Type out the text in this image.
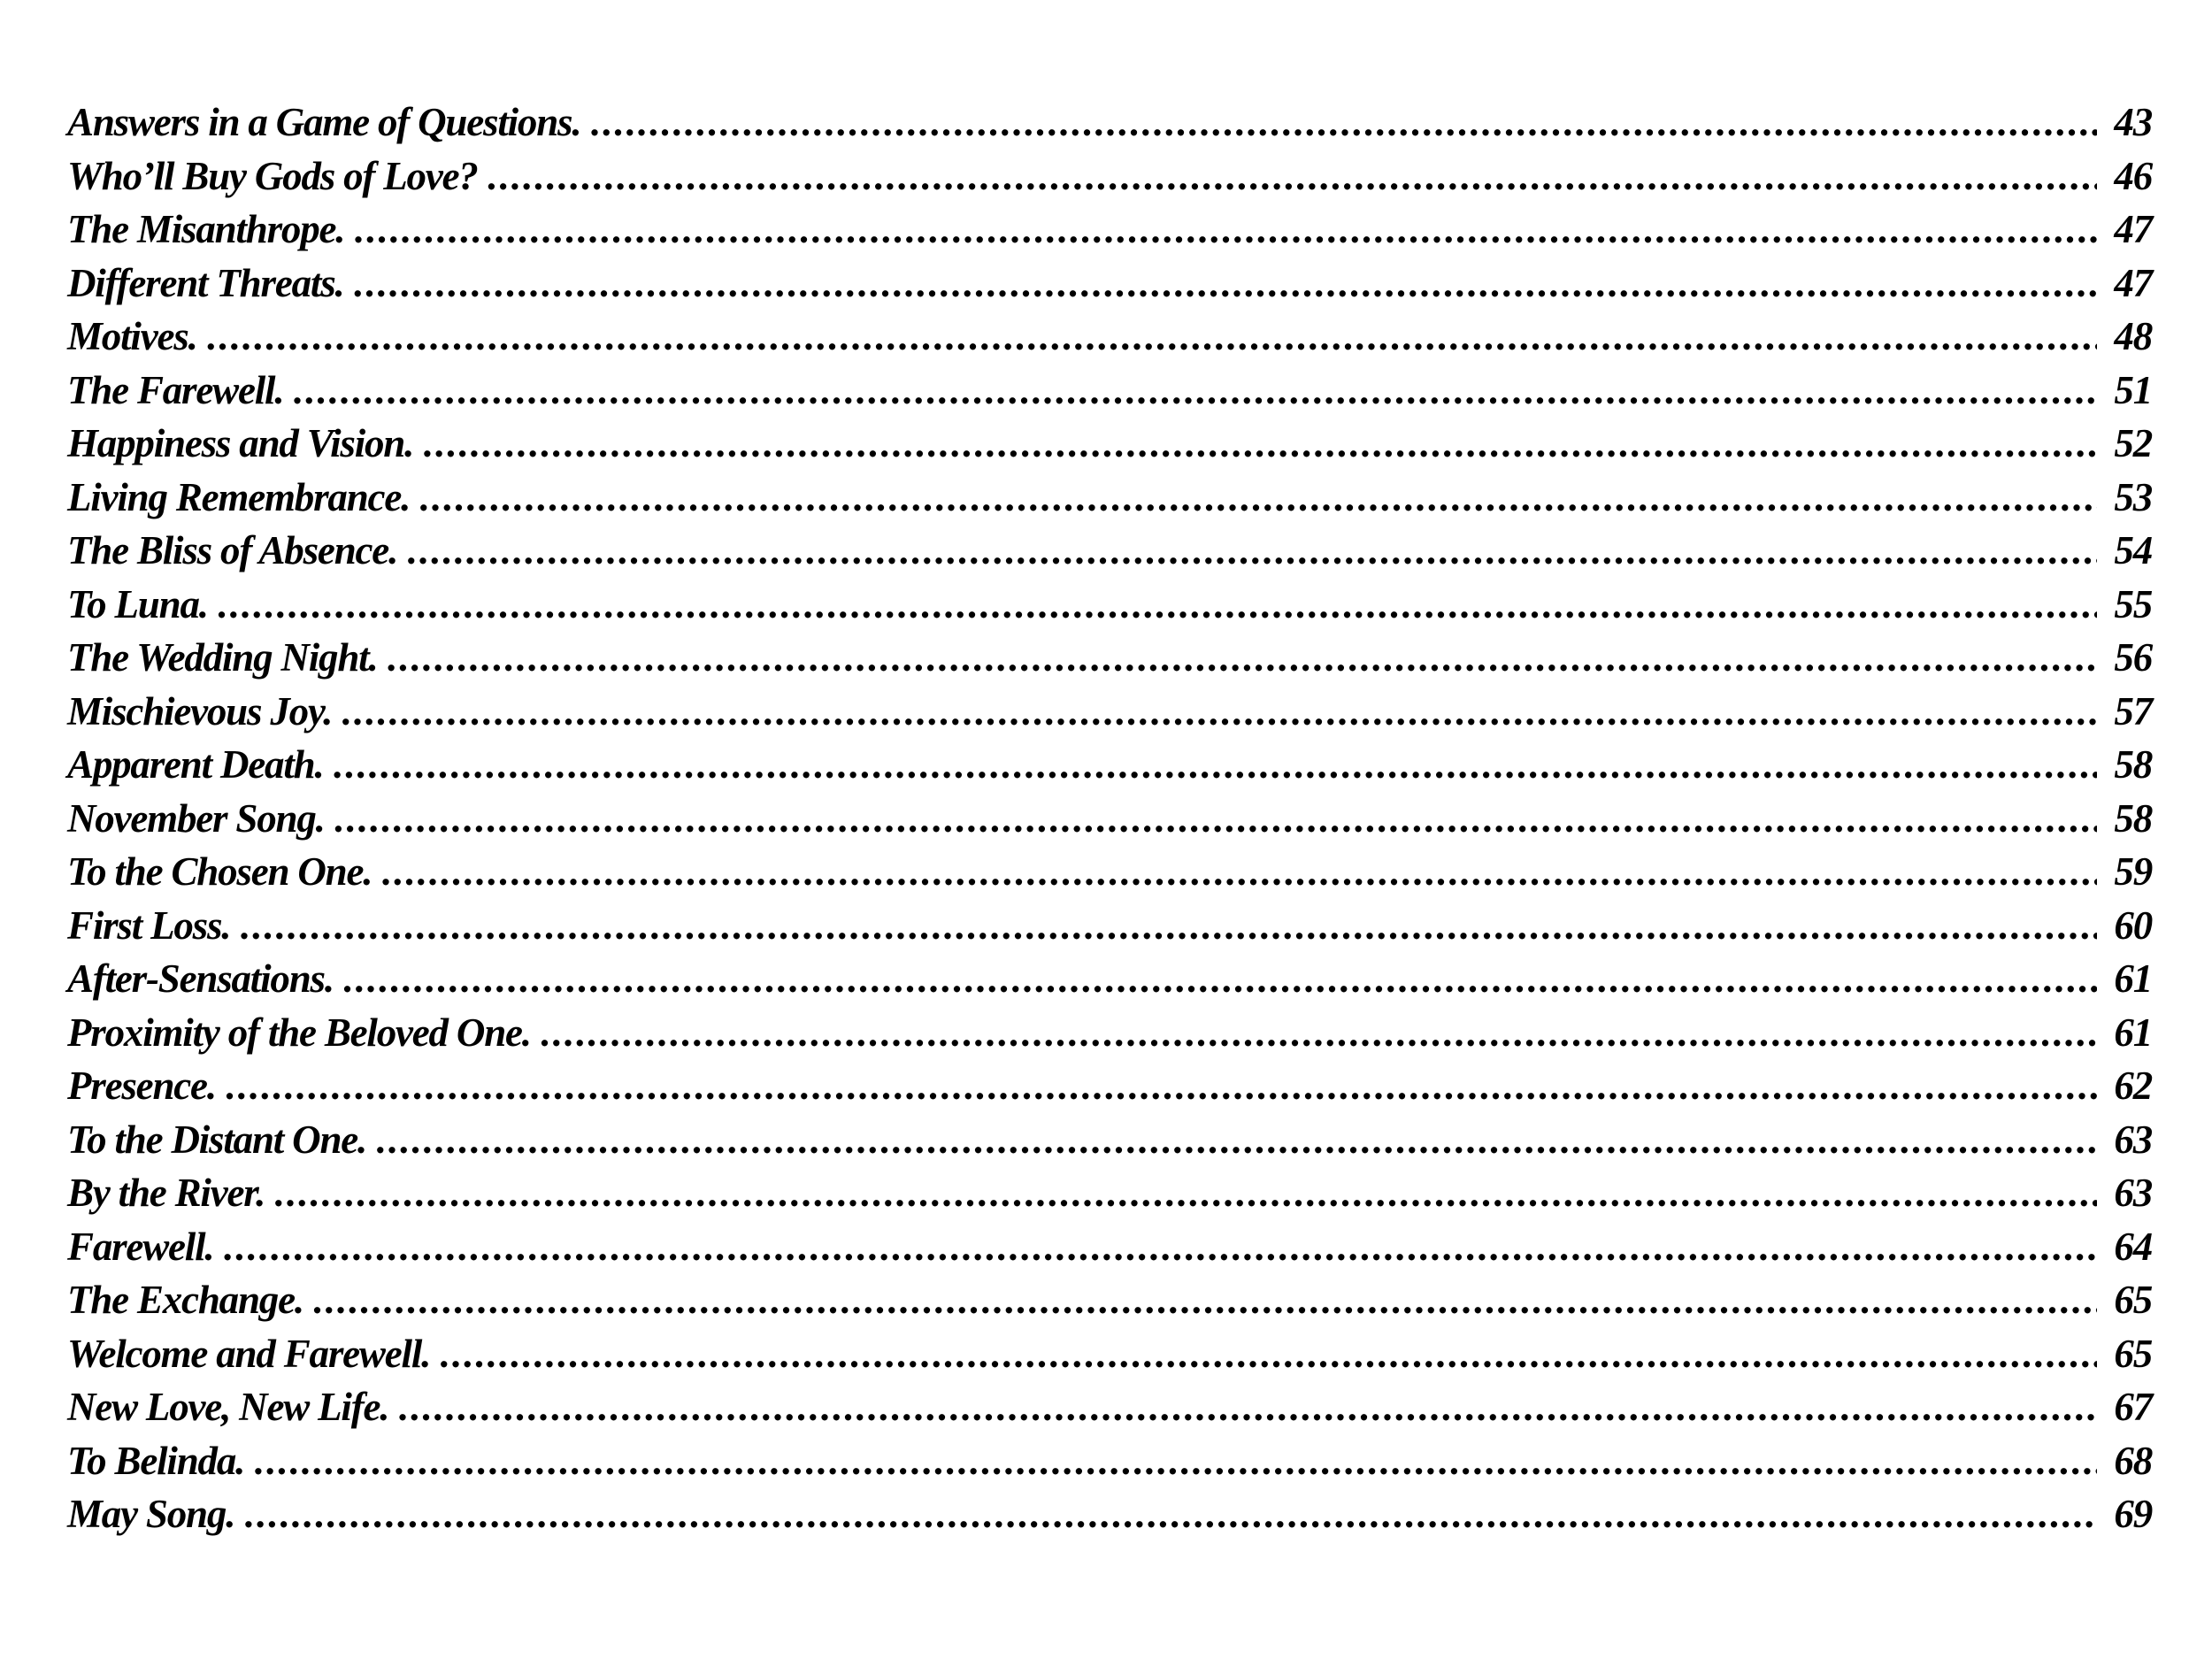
Answers in a Game of Questions. .....	43
Who’ll Buy Gods of Love? .....	46
The Misanthrope. .....	47
Different Threats. .....	47
Motives. .....	48
The Farewell. .....	51
Happiness and Vision. .....	52
Living Remembrance. .....	53
The Bliss of Absence. .....	54
To Luna. .....	55
The Wedding Night. .....	56
Mischievous Joy. .....	57
Apparent Death. .....	58
November Song. .....	58
To the Chosen One. .....	59
First Loss. .....	60
After-Sensations. .....	61
Proximity of the Beloved One. .....	61
Presence. .....	62
To the Distant One. .....	63
By the River. .....	63
Farewell. .....	64
The Exchange. .....	65
Welcome and Farewell. .....	65
New Love, New Life. .....	67
To Belinda. .....	68
May Song. .....	69
